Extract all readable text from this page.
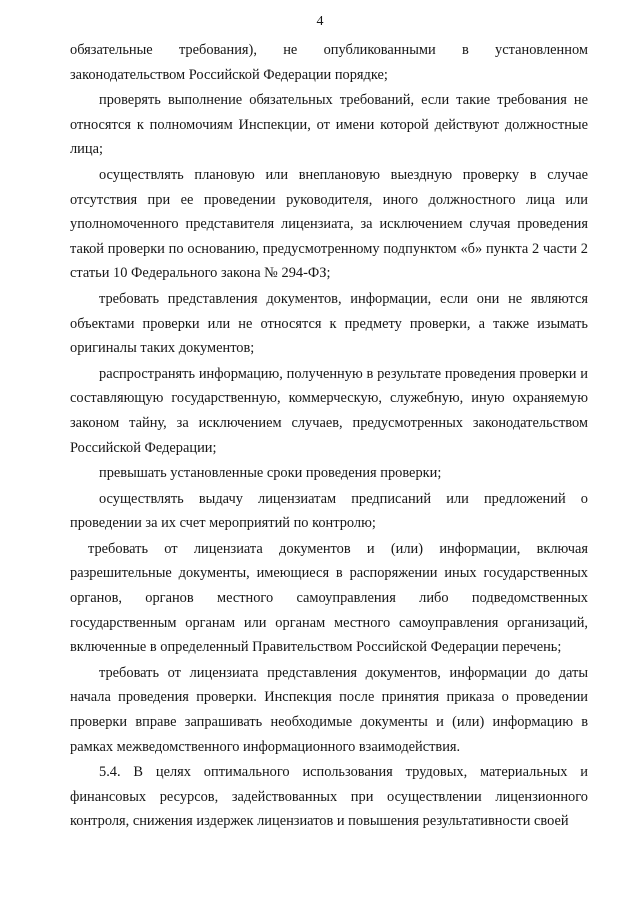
4

обязательные требования), не опубликованными в установленном законодательством Российской Федерации порядке;

проверять выполнение обязательных требований, если такие требования не относятся к полномочиям Инспекции, от имени которой действуют должностные лица;

осуществлять плановую или внеплановую выездную проверку в случае отсутствия при ее проведении руководителя, иного должностного лица или уполномоченного представителя лицензиата, за исключением случая проведения такой проверки по основанию, предусмотренному подпунктом «б» пункта 2 части 2 статьи 10 Федерального закона № 294-ФЗ;

требовать представления документов, информации, если они не являются объектами проверки или не относятся к предмету проверки, а также изымать оригиналы таких документов;

распространять информацию, полученную в результате проведения проверки и составляющую государственную, коммерческую, служебную, иную охраняемую законом тайну, за исключением случаев, предусмотренных законодательством Российской Федерации;

превышать установленные сроки проведения проверки;

осуществлять выдачу лицензиатам предписаний или предложений о проведении за их счет мероприятий по контролю;

требовать от лицензиата документов и (или) информации, включая разрешительные документы, имеющиеся в распоряжении иных государственных органов, органов местного самоуправления либо подведомственных государственным органам или органам местного самоуправления организаций, включенные в определенный Правительством Российской Федерации перечень;

требовать от лицензиата представления документов, информации до даты начала проведения проверки. Инспекция после принятия приказа о проведении проверки вправе запрашивать необходимые документы и (или) информацию в рамках межведомственного информационного взаимодействия.

5.4. В целях оптимального использования трудовых, материальных и финансовых ресурсов, задействованных при осуществлении лицензионного контроля, снижения издержек лицензиатов и повышения результативности своей
